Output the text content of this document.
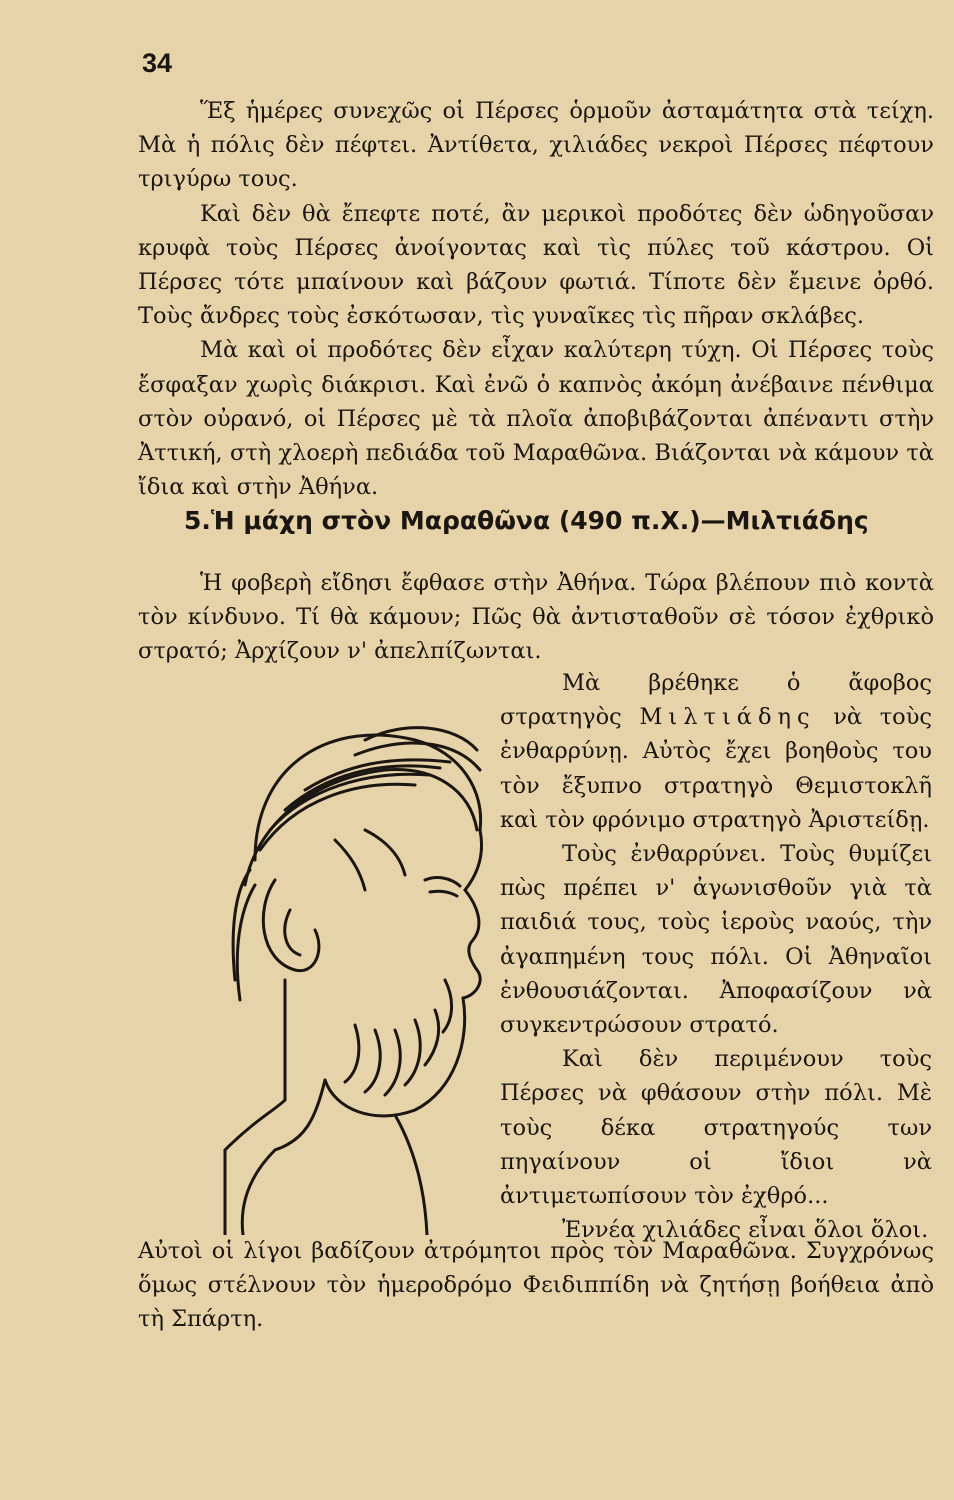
34

Ἕξ ἡμέρες συνεχῶς οἱ Πέρσες ὁρμοῦν ἀσταμάτητα στὰ τείχη. Μὰ ἡ πόλις δὲν πέφτει. Ἀντίθετα, χιλιάδες νεκροὶ Πέρσες πέφτουν τριγύρω τους.

Καὶ δὲν θὰ ἔπεφτε ποτέ, ἂν μερικοὶ προδότες δὲν ὡδηγοῦσαν κρυφὰ τοὺς Πέρσες ἀνοίγοντας καὶ τὶς πύλες τοῦ κάστρου. Οἱ Πέρσες τότε μπαίνουν καὶ βάζουν φωτιά. Τίποτε δὲν ἔμεινε ὀρθό. Τοὺς ἄνδρες τοὺς ἐσκότωσαν, τὶς γυναῖκες τὶς πῆραν σκλάβες.

Μὰ καὶ οἱ προδότες δὲν εἶχαν καλύτερη τύχη. Οἱ Πέρσες τοὺς ἔσφαξαν χωρὶς διάκρισι. Καὶ ἐνῶ ὁ καπνὸς ἀκόμη ἀνέβαινε πένθιμα στὸν οὐρανό, οἱ Πέρσες μὲ τὰ πλοῖα ἀποβιβάζονται ἀπέναντι στὴν Ἀττική, στὴ χλοερὴ πεδιάδα τοῦ Μαραθῶνα. Βιάζονται νὰ κάμουν τὰ ἴδια καὶ στὴν Ἀθήνα.

5.Ἡ μάχη στὸν Μαραθῶνα (490 π.Χ.)—Μιλτιάδης

Ἡ φοβερὴ εἴδησι ἔφθασε στὴν Ἀθήνα. Τώρα βλέπουν πιὸ κοντὰ τὸν κίνδυνο. Τί θὰ κάμουν; Πῶς θὰ ἀντισταθοῦν σὲ τόσον ἐχθρικὸ στρατό; Ἀρχίζουν ν' ἀπελπίζωνται.

Μὰ βρέθηκε ὁ ἄφοβος στρατηγὸς Μιλτιάδης νὰ τοὺς ἐνθαρρύνῃ. Αὐτὸς ἔχει βοηθοὺς του τὸν ἔξυπνο στρατηγὸ Θεμιστοκλῆ καὶ τὸν φρόνιμο στρατηγὸ Ἀριστείδῃ.

Τοὺς ἐνθαρρύνει. Τοὺς θυμίζει πὼς πρέπει ν' ἀγωνισθοῦν γιὰ τὰ παιδιά τους, τοὺς ἱεροὺς ναούς, τὴν ἀγαπημένη τους πόλι. Οἱ Ἀθηναῖοι ἐνθουσιάζονται. Ἀποφασίζουν νὰ συγκεντρώσουν στρατό.

Καὶ δὲν περιμένουν τοὺς Πέρσες νὰ φθάσουν στὴν πόλι. Μὲ τοὺς δέκα στρατηγούς των πηγαίνουν οἱ ἴδιοι νὰ ἀντιμετωπίσουν τὸν ἐχθρό...

Ἐννέα χιλιάδες εἶναι ὅλοι ὅλοι.

Αὐτοὶ οἱ λίγοι βαδίζουν ἀτρόμητοι πρὸς τὸν Μαραθῶνα. Συγχρόνως ὅμως στέλνουν τὸν ἡμεροδρόμο Φειδιππίδη νὰ ζητήσῃ βοήθεια ἀπὸ τὴ Σπάρτη.
